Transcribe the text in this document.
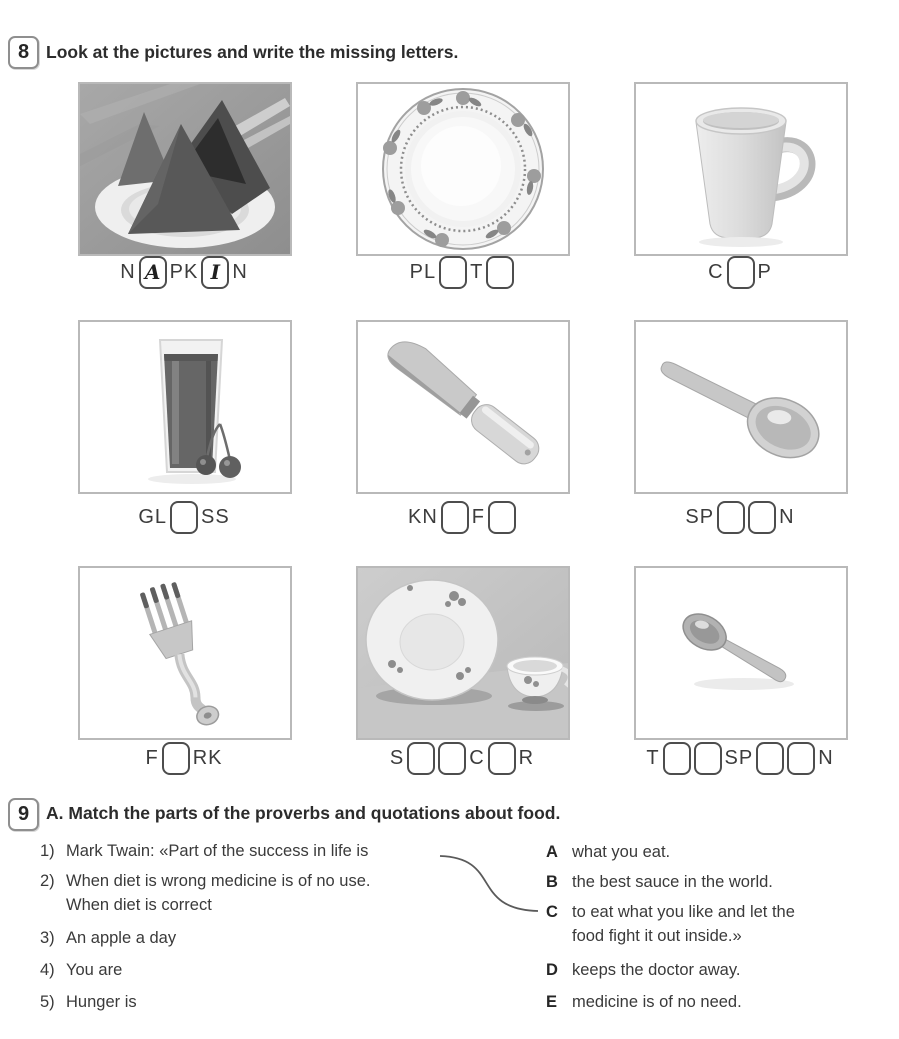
8 Look at the pictures and write the missing letters.
N A PK I N	PL T	C P
GL SS	KN F	SP	N
F RK	S	C R	T	SP	N
9 A. Match the parts of the proverbs and quotations about food.
1) Mark Twain: «Part of the success in life is
2) When diet is wrong medicine is of no use.
When diet is correct
3) An apple a day
4) You are
5) Hunger is
A what you eat.
B the best sauce in the world.
C to eat what you like and let the
food fight it out inside.»
D keeps the doctor away.
E medicine is of no need.
